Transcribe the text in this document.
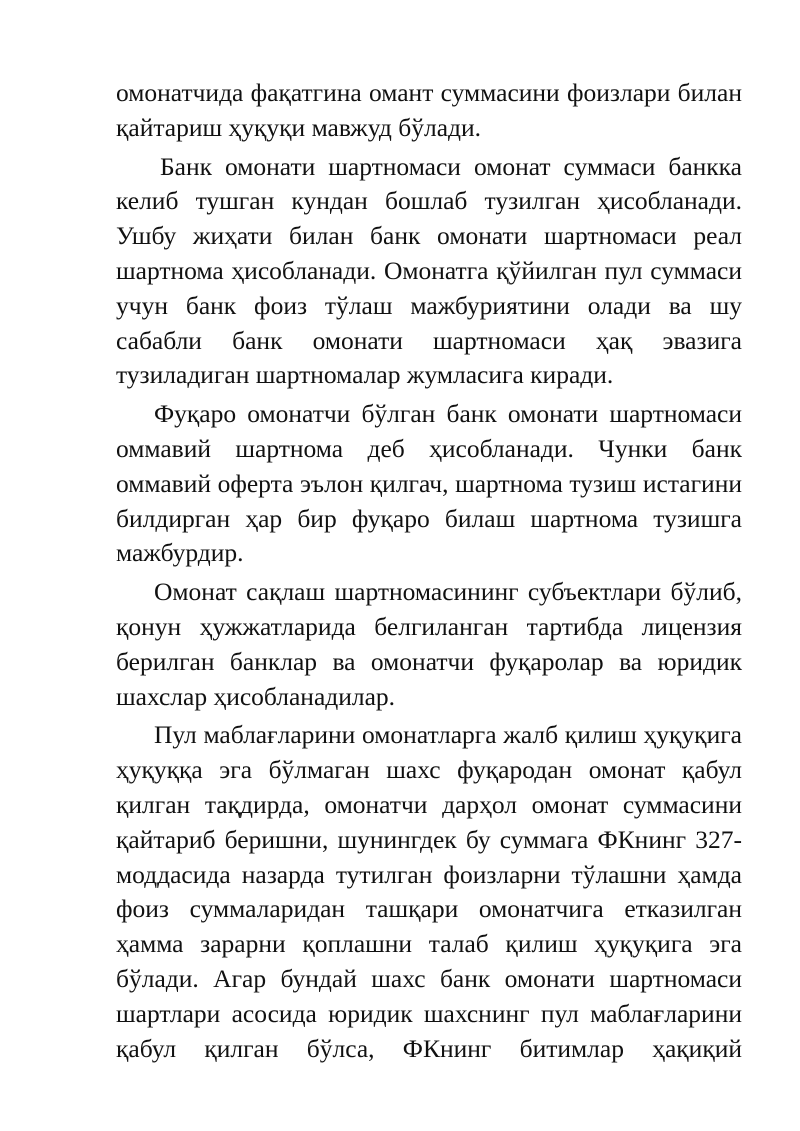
омонатчида фақатгина омант суммасини фоизлари билан қайтариш ҳуқуқи мавжуд бўлади.

Банк омонати шартномаси омонат суммаси банкка келиб тушган кундан бошлаб тузилган ҳисобланади. Ушбу жиҳати билан банк омонати шартномаси реал шартнома ҳисобланади. Омонатга қўйилган пул суммаси учун банк фоиз тўлаш мажбуриятини олади ва шу сабабли банк омонати шартномаси ҳақ эвазига тузиладиган шартномалар жумласига киради.

Фуқаро омонатчи бўлган банк омонати шартномаси оммавий шартнома деб ҳисобланади. Чунки банк оммавий оферта эълон қилгач, шартнома тузиш истагини билдирган ҳар бир фуқаро билаш шартнома тузишга мажбурдир.

Омонат сақлаш шартномасининг субъектлари бўлиб, қонун ҳужжатларида белгиланган тартибда лицензия берилган банклар ва омонатчи фуқаролар ва юридик шахслар ҳисобланадилар.

Пул маблағларини омонатларга жалб қилиш ҳуқуқига ҳуқуққа эга бўлмаган шахс фуқародан омонат қабул қилган тақдирда, омонатчи дарҳол омонат суммасини қайтариб беришни, шунингдек бу суммага ФКнинг 327-моддасида назарда тутилган фоизларни тўлашни ҳамда фоиз суммаларидан ташқари омонатчига етказилган ҳамма зарарни қоплашни талаб қилиш ҳуқуқига эга бўлади. Агар бундай шахс банк омонати шартномаси шартлари асосида юридик шахснинг пул маблағларини қабул қилган бўлса, ФКнинг битимлар ҳақиқий
